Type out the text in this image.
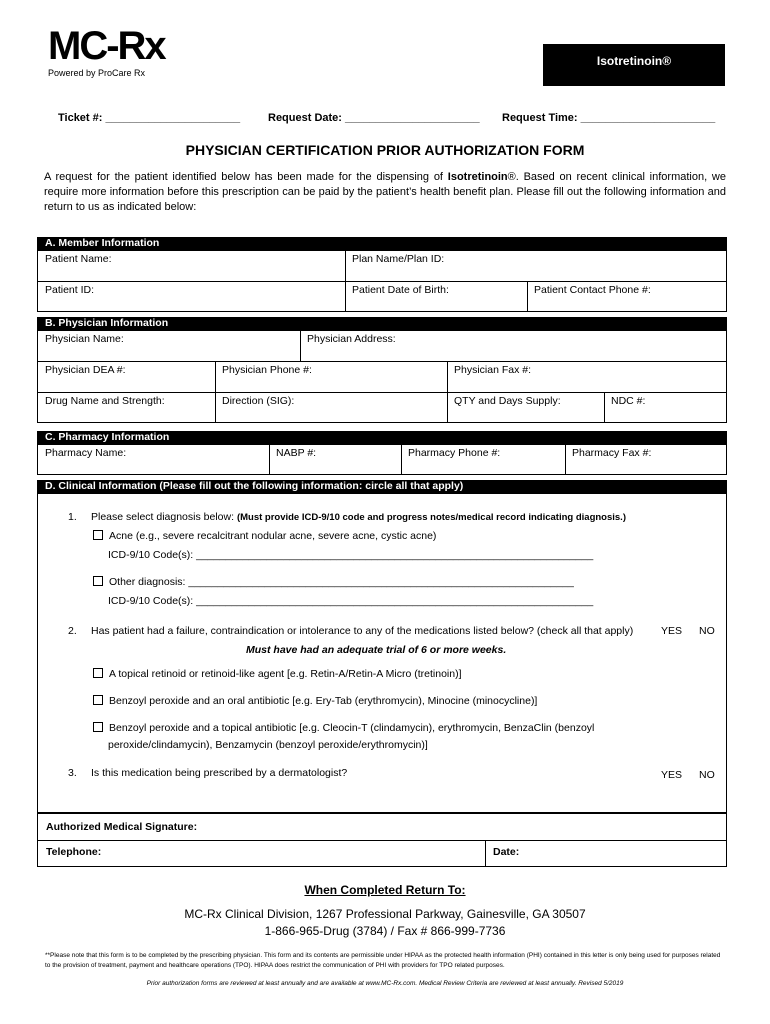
MC-Rx
Powered by ProCare Rx
Isotretinoin®
Ticket #: ______________________	Request Date: ______________________ Request Time: ______________________
PHYSICIAN CERTIFICATION PRIOR AUTHORIZATION FORM
A request for the patient identified below has been made for the dispensing of Isotretinoin®. Based on recent clinical information, we require more information before this prescription can be paid by the patient’s health benefit plan. Please fill out the following information and return to us as indicated below:
A. Member Information
Patient Name:	Plan Name/Plan ID:
Patient ID:	Patient Date of Birth:	Patient Contact Phone #:
B. Physician Information
Physician Name:	Physician Address:
Physician DEA #:	Physician Phone #:	Physician Fax #:
Drug Name and Strength:	Direction (SIG):	QTY and Days Supply:	NDC #:
C. Pharmacy Information
Pharmacy Name:	NABP #:	Pharmacy Phone #:	Pharmacy Fax #:
D. Clinical Information (Please fill out the following information: circle all that apply)
1. Please select diagnosis below: (Must provide ICD-9/10 code and progress notes/medical record indicating diagnosis.)
Acne (e.g., severe recalcitrant nodular acne, severe acne, cystic acne)
ICD-9/10 Code(s): ____________________________________________________________________
Other diagnosis: __________________________________________________________________
ICD-9/10 Code(s): ____________________________________________________________________
2. Has patient had a failure, contraindication or intolerance to any of the medications listed below? (check all that apply)	YES NO
Must have had an adequate trial of 6 or more weeks.
A topical retinoid or retinoid-like agent [e.g. Retin-A/Retin-A Micro (tretinoin)]
Benzoyl peroxide and an oral antibiotic [e.g. Ery-Tab (erythromycin), Minocine (minocycline)]
Benzoyl peroxide and a topical antibiotic [e.g. Cleocin-T (clindamycin), erythromycin, BenzaClin (benzoyl
peroxide/clindamycin), Benzamycin (benzoyl peroxide/erythromycin)]
3. Is this medication being prescribed by a dermatologist?	YES NO
Authorized Medical Signature:
Telephone:	Date:
When Completed Return To:
MC-Rx Clinical Division, 1267 Professional Parkway, Gainesville, GA 30507
1-866-965-Drug (3784) / Fax # 866-999-7736
**Please note that this form is to be completed by the prescribing physician. This form and its contents are permissible under HIPAA as the protected health information (PHI) contained in this letter is only being used for purposes related to the provision of treatment, payment and healthcare operations (TPO). HIPAA does restrict the communication of PHI with providers for TPO related purposes.
Prior authorization forms are reviewed at least annually and are available at www.MC-Rx.com. Medical Review Criteria are reviewed at least annually. Revised 5/2019
